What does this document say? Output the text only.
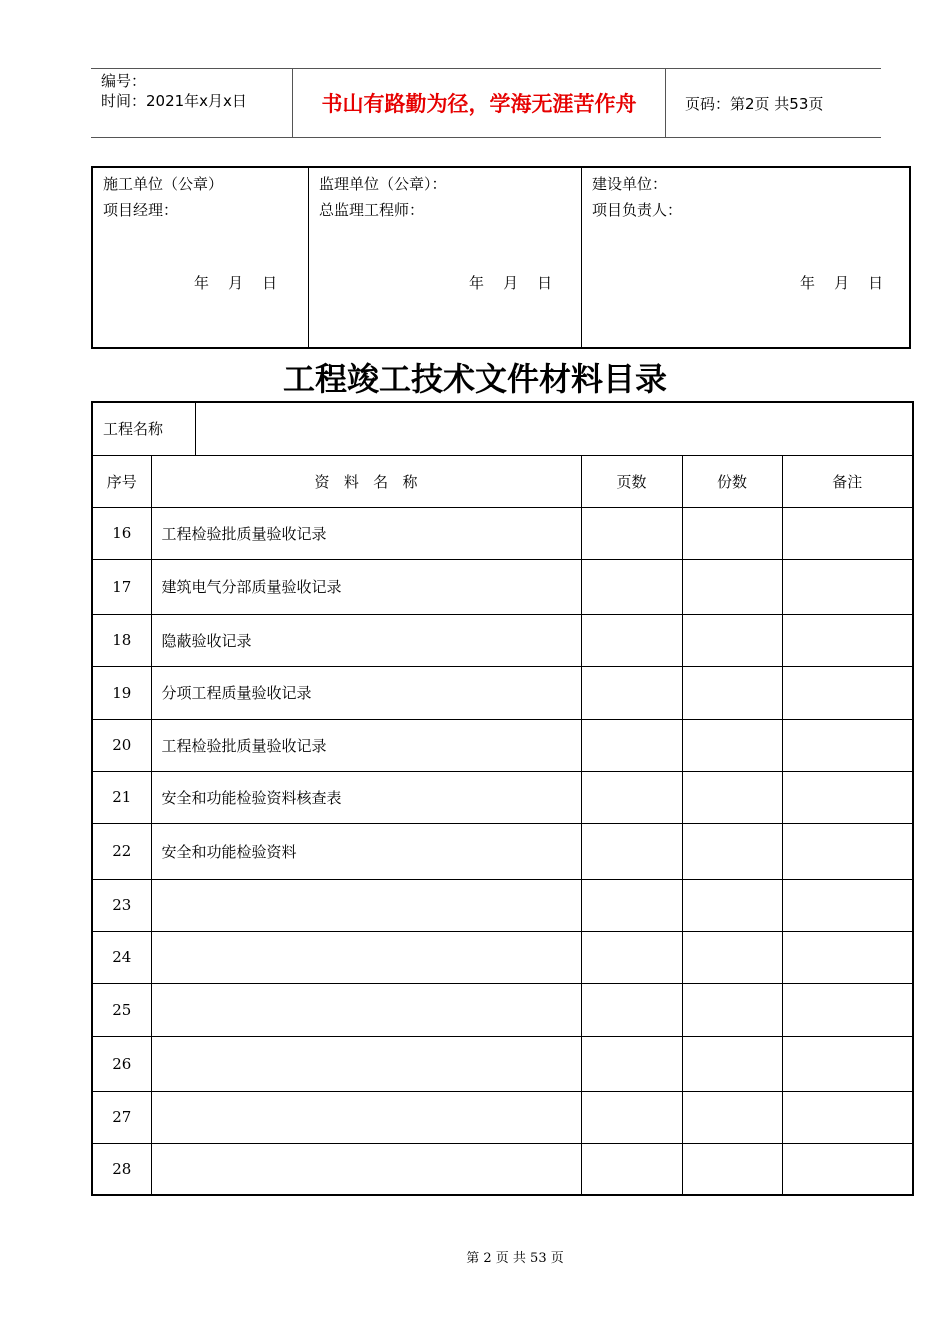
编号：
时间：2021年x月x日	书山有路勤为径，学海无涯苦作舟	页码：第2页 共53页
施工单位（公章）
项目经理：
年    月    日
监理单位（公章）：
总监理工程师：
年    月    日
建设单位：
项目负责人：
年    月    日
工程竣工技术文件材料目录
工程名称					
序号	资   料   名   称		页数	份数	备注
16	工程检验批质量验收记录				
17	建筑电气分部质量验收记录				
18	隐蔽验收记录				
19	分项工程质量验收记录				
20	工程检验批质量验收记录				
21	安全和功能检验资料核查表				
22	安全和功能检验资料				
23					
24					
25					
26					
27					
28					
第 2 页 共 53 页
